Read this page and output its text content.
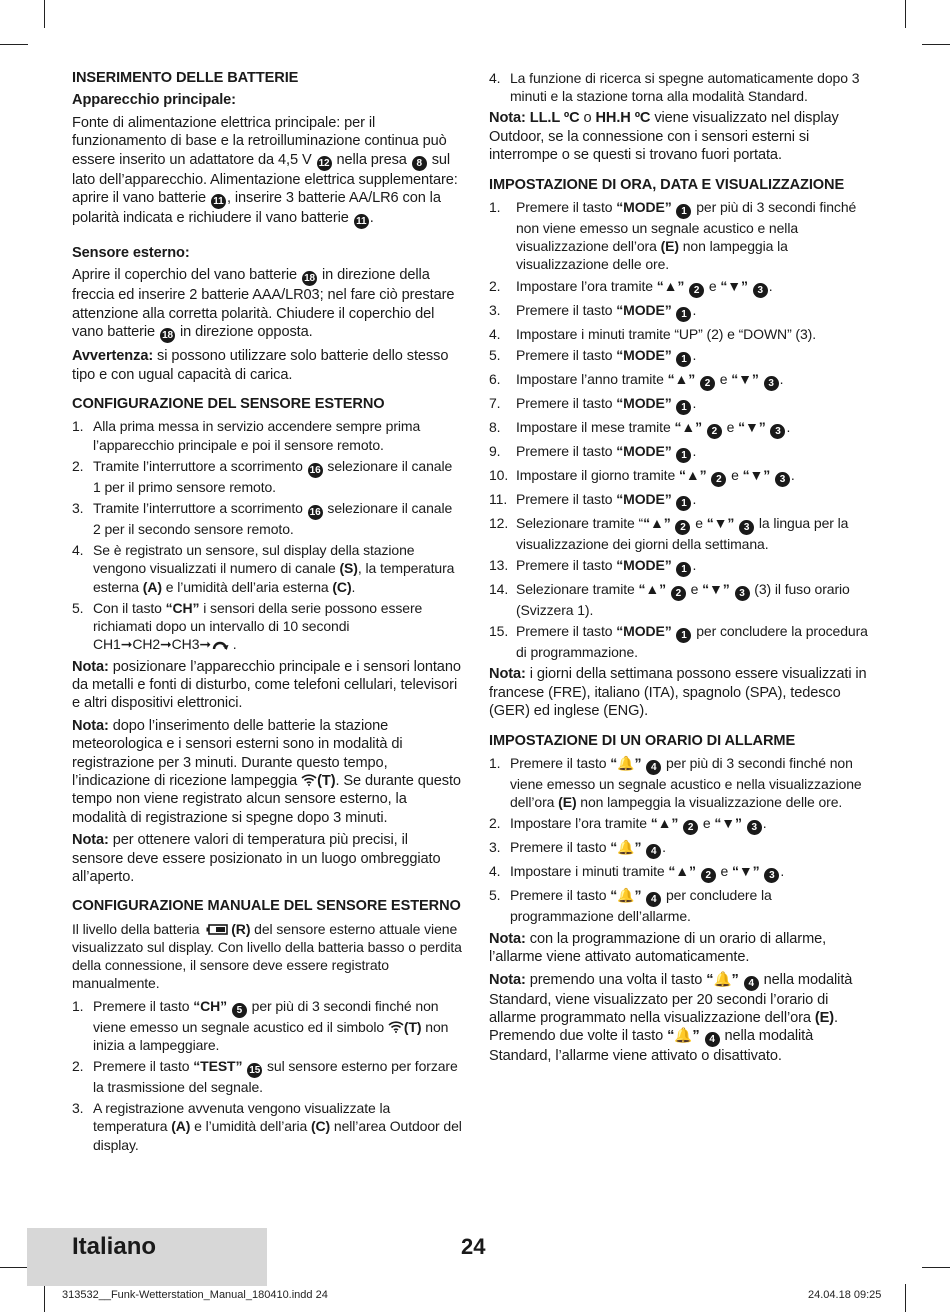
INSERIMENTO DELLE BATTERIE
Apparecchio principale:

Fonte di alimentazione elettrica principale: per il funzionamento di base e la retroilluminazione continua può essere inserito un adattatore da 4,5 V 12 nella presa 8 sul lato dell’apparecchio. Alimentazione elettrica supplementare: aprire il vano batterie 11 , inserire 3 batterie AA/LR6 con la polarità indicata e richiudere il vano batterie 11 .

Sensore esterno:

Aprire il coperchio del vano batterie 18 in direzione della freccia ed inserire 2 batterie AAA/LR03; nel fare ciò prestare attenzione alla corretta polarità. Chiudere il coperchio del vano batterie 18 in direzione opposta.

Avvertenza: si possono utilizzare solo batterie dello stesso tipo e con ugual capacità di carica.

CONFIGURAZIONE DEL SENSORE ESTERNO
1. Alla prima messa in servizio accendere sempre prima l’apparecchio principale e poi il sensore remoto.
2. Tramite l’interruttore a scorrimento 16 selezionare il canale 1 per il primo sensore remoto.
3. Tramite l’interruttore a scorrimento 16 selezionare il canale 2 per il secondo sensore remoto.
4. Se è registrato un sensore, sul display della stazione vengono visualizzati il numero di canale (S), la temperatura esterna (A) e l’umidità dell’aria esterna (C).
5. Con il tasto “CH” i sensori della serie possono essere richiamati dopo un intervallo di 10 secondi CH1➞CH2➞CH3➞ .

Nota: posizionare l’apparecchio principale e i sensori lontano da metalli e fonti di disturbo, come telefoni cellulari, televisori e altri dispositivi elettronici.

Nota: dopo l’inserimento delle batterie la stazione meteorologica e i sensori esterni sono in modalità di registrazione per 3 minuti. Durante questo tempo, l’indicazione di ricezione lampeggia (T). Se durante questo tempo non viene registrato alcun sensore esterno, la modalità di registrazione si spegne dopo 3 minuti.

Nota: per ottenere valori di temperatura più precisi, il sensore deve essere posizionato in un luogo ombreggiato all’aperto.

CONFIGURAZIONE MANUALE DEL SENSORE ESTERNO

Il livello della batteria (R) del sensore esterno attuale viene visualizzato sul display. Con livello della batteria basso o perdita della connessione, il sensore deve essere registrato manualmente.

1. Premere il tasto “CH” 5 per più di 3 secondi finché non viene emesso un segnale acustico ed il simbolo (T) non inizia a lampeggiare.
2. Premere il tasto “TEST” 15 sul sensore esterno per forzare la trasmissione del segnale.
3. A registrazione avvenuta vengono visualizzate la temperatura (A) e l’umidità dell’aria (C) nell’area Outdoor del display.
4. La funzione di ricerca si spegne automaticamente dopo 3 minuti e la stazione torna alla modalità Standard.

Nota: LL.L ºC o HH.H ºC viene visualizzato nel display Outdoor, se la connessione con i sensori esterni si interrompe o se questi si trovano fuori portata.

IMPOSTAZIONE DI ORA, DATA E VISUALIZZAZIONE
1. Premere il tasto “MODE” 1 per più di 3 secondi finché non viene emesso un segnale acustico e nella visualizzazione dell’ora (E) non lampeggia la visualizzazione delle ore.
2. Impostare l’ora tramite “▲” 2 e “▼” 3 .
3. Premere il tasto “MODE” 1 .
4. Impostare i minuti tramite “UP” (2) e “DOWN” (3).
5. Premere il tasto “MODE” 1 .
6. Impostare l’anno tramite “▲” 2 e “▼” 3 .
7. Premere il tasto “MODE” 1 .
8. Impostare il mese tramite “▲” 2 e “▼” 3 .
9. Premere il tasto “MODE” 1 .
10. Impostare il giorno tramite “▲” 2 e “▼” 3 .
11. Premere il tasto “MODE” 1 .
12. Selezionare tramite ““▲” 2 e “▼” 3 la lingua per la visualizzazione dei giorni della settimana.
13. Premere il tasto “MODE” 1 .
14. Selezionare tramite “▲” 2 e “▼” 3 (3) il fuso orario (Svizzera 1).
15. Premere il tasto “MODE” 1 per concludere la procedura di programmazione.

Nota: i giorni della settimana possono essere visualizzati in francese (FRE), italiano (ITA), spagnolo (SPA), tedesco (GER) ed inglese (ENG).

IMPOSTAZIONE DI UN ORARIO DI ALLARME
1. Premere il tasto “🔔” 4 per più di 3 secondi finché non viene emesso un segnale acustico e nella visualizzazione dell’ora (E) non lampeggia la visualizzazione delle ore.
2. Impostare l’ora tramite “▲” 2 e “▼” 3 .
3. Premere il tasto “🔔” 4 .
4. Impostare i minuti tramite “▲” 2 e “▼” 3 .
5. Premere il tasto “🔔” 4 per concludere la programmazione dell’allarme.

Nota: con la programmazione di un orario di allarme, l’allarme viene attivato automaticamente.

Nota: premendo una volta il tasto “🔔” 4 nella modalità Standard, viene visualizzato per 20 secondi l’orario di allarme programmato nella visualizzazione dell’ora (E). Premendo due volte il tasto “🔔” 4 nella modalità Standard, l’allarme viene attivato o disattivato.

Italiano	24
313532__Funk-Wetterstation_Manual_180410.indd 24	24.04.18 09:25
